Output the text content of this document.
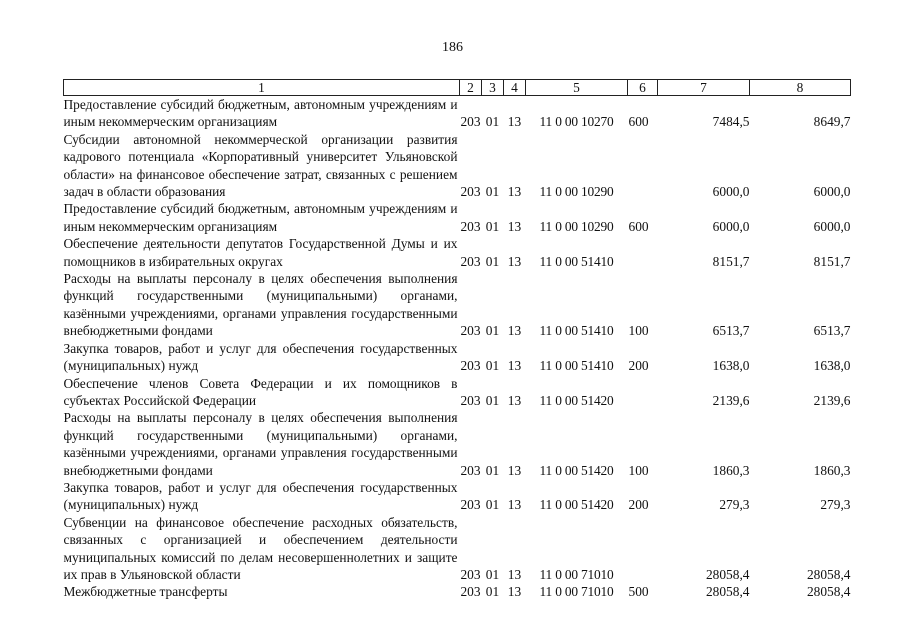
186
1	2	3	4	5	6	7	8
Предоставление субсидий бюджетным, автономным учреждениям и иным некоммерческим организациям	203	01	13	11 0 00 10270	600	7484,5	8649,7
Субсидии автономной некоммерческой организации развития кадрового потенциала «Корпоративный университет Ульяновской области» на финансовое обеспечение затрат, связанных с решением задач в области образования	203	01	13	11 0 00 10290		6000,0	6000,0
Предоставление субсидий бюджетным, автономным учреждениям и иным некоммерческим организациям	203	01	13	11 0 00 10290	600	6000,0	6000,0
Обеспечение деятельности депутатов Государственной Думы и их помощников в избирательных округах	203	01	13	11 0 00 51410		8151,7	8151,7
Расходы на выплаты персоналу в целях обеспечения выполнения функций государственными (муниципальными) органами, казёнными учреждениями, органами управления государственными внебюджетными фондами	203	01	13	11 0 00 51410	100	6513,7	6513,7
Закупка товаров, работ и услуг для обеспечения государственных (муниципальных) нужд	203	01	13	11 0 00 51410	200	1638,0	1638,0
Обеспечение членов Совета Федерации и их помощников в субъектах Российской Федерации	203	01	13	11 0 00 51420		2139,6	2139,6
Расходы на выплаты персоналу в целях обеспечения выполнения функций государственными (муниципальными) органами, казёнными учреждениями, органами управления государственными внебюджетными фондами	203	01	13	11 0 00 51420	100	1860,3	1860,3
Закупка товаров, работ и услуг для обеспечения государственных (муниципальных) нужд	203	01	13	11 0 00 51420	200	279,3	279,3
Субвенции на финансовое обеспечение расходных обязательств, связанных с организацией и обеспечением деятельности муниципальных комиссий по делам несовершеннолетних и защите их прав в Ульяновской области	203	01	13	11 0 00 71010		28058,4	28058,4
Межбюджетные трансферты	203	01	13	11 0 00 71010	500	28058,4	28058,4
